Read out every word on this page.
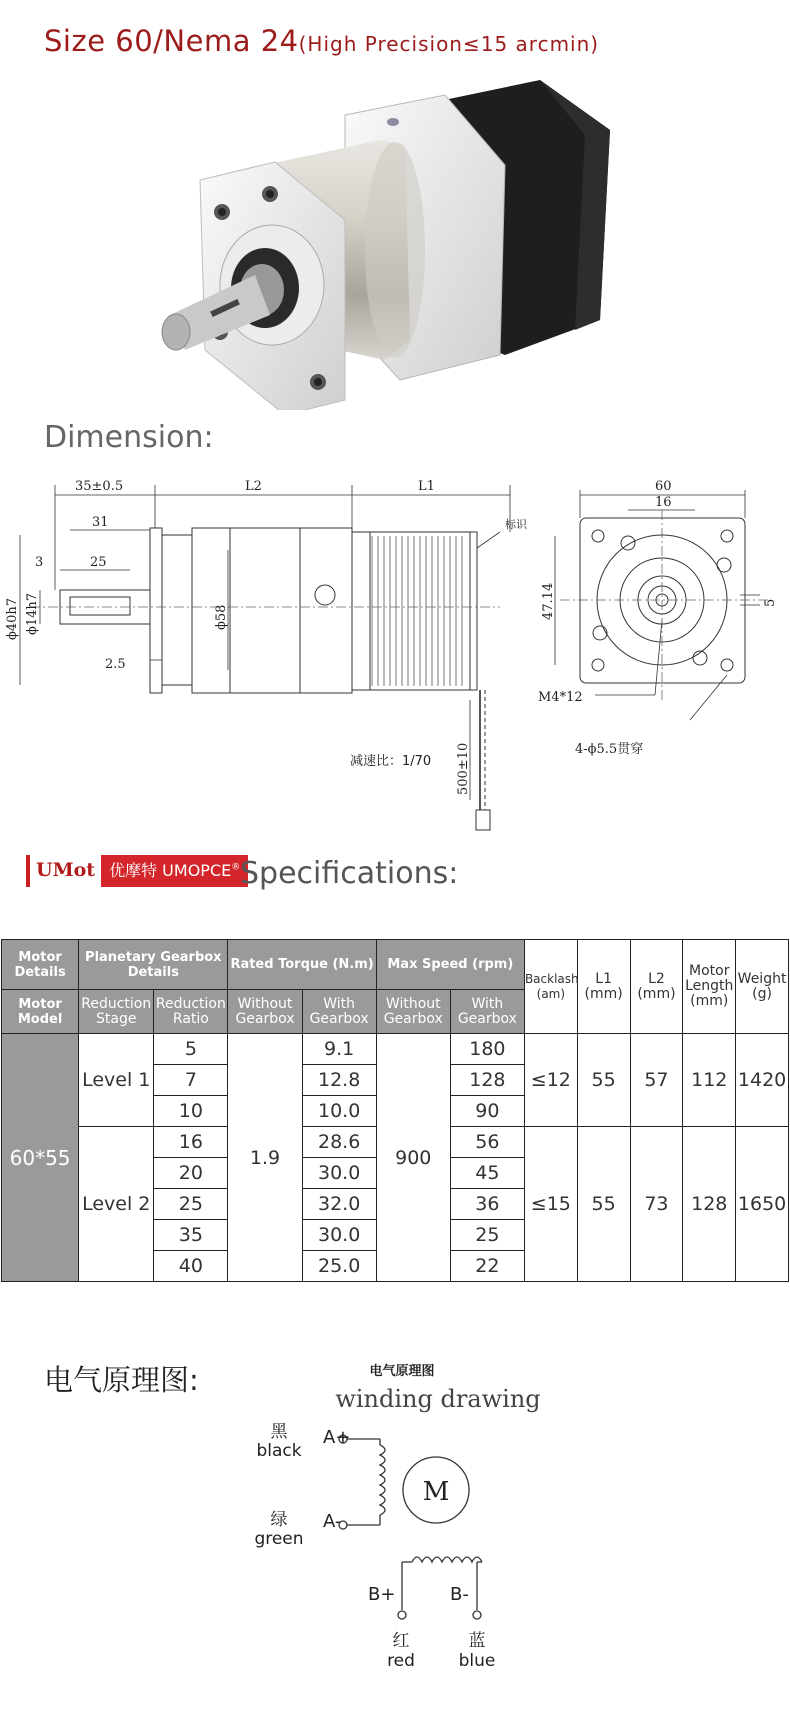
Size 60/Nema 24(High Precision≤15 arcmin)
Dimension:
35±0.5	L2	L1
31
3	25
ϕ40h7 ϕ14h7	ϕ58
2.5
标识
500±10
减速比：1/70
60
16
47.14	5
M4*12
4-ϕ5.5贯穿
UMot 优摩特 UMOPCE® Specifications:
Motor Details	Planetary Gearbox Details		Rated Torque (N.m)		Max Speed (rpm)		Backlash (am)	L1 (mm)	L2 (mm)	Motor Length (mm)	Weight (g)
Motor Model	Reduction Stage	Reduction Ratio	Without Gearbox	With Gearbox	Without Gearbox	With Gearbox					
60*55	Level 1	5	1.9	9.1	900	180	≤12	55	57	112	1420
		7		12.8		128					
		10		10.0		90					
	Level 2	16		28.6		56	≤15	55	73	128	1650
		20		30.0		45					
		25		32.0		36					
		35		30.0		25					
		40		25.0		22					
电气原理图:	电气原理图
winding drawing
M
A+
A-
B+	B-
黑
black
绿
green
红
red
蓝
blue
